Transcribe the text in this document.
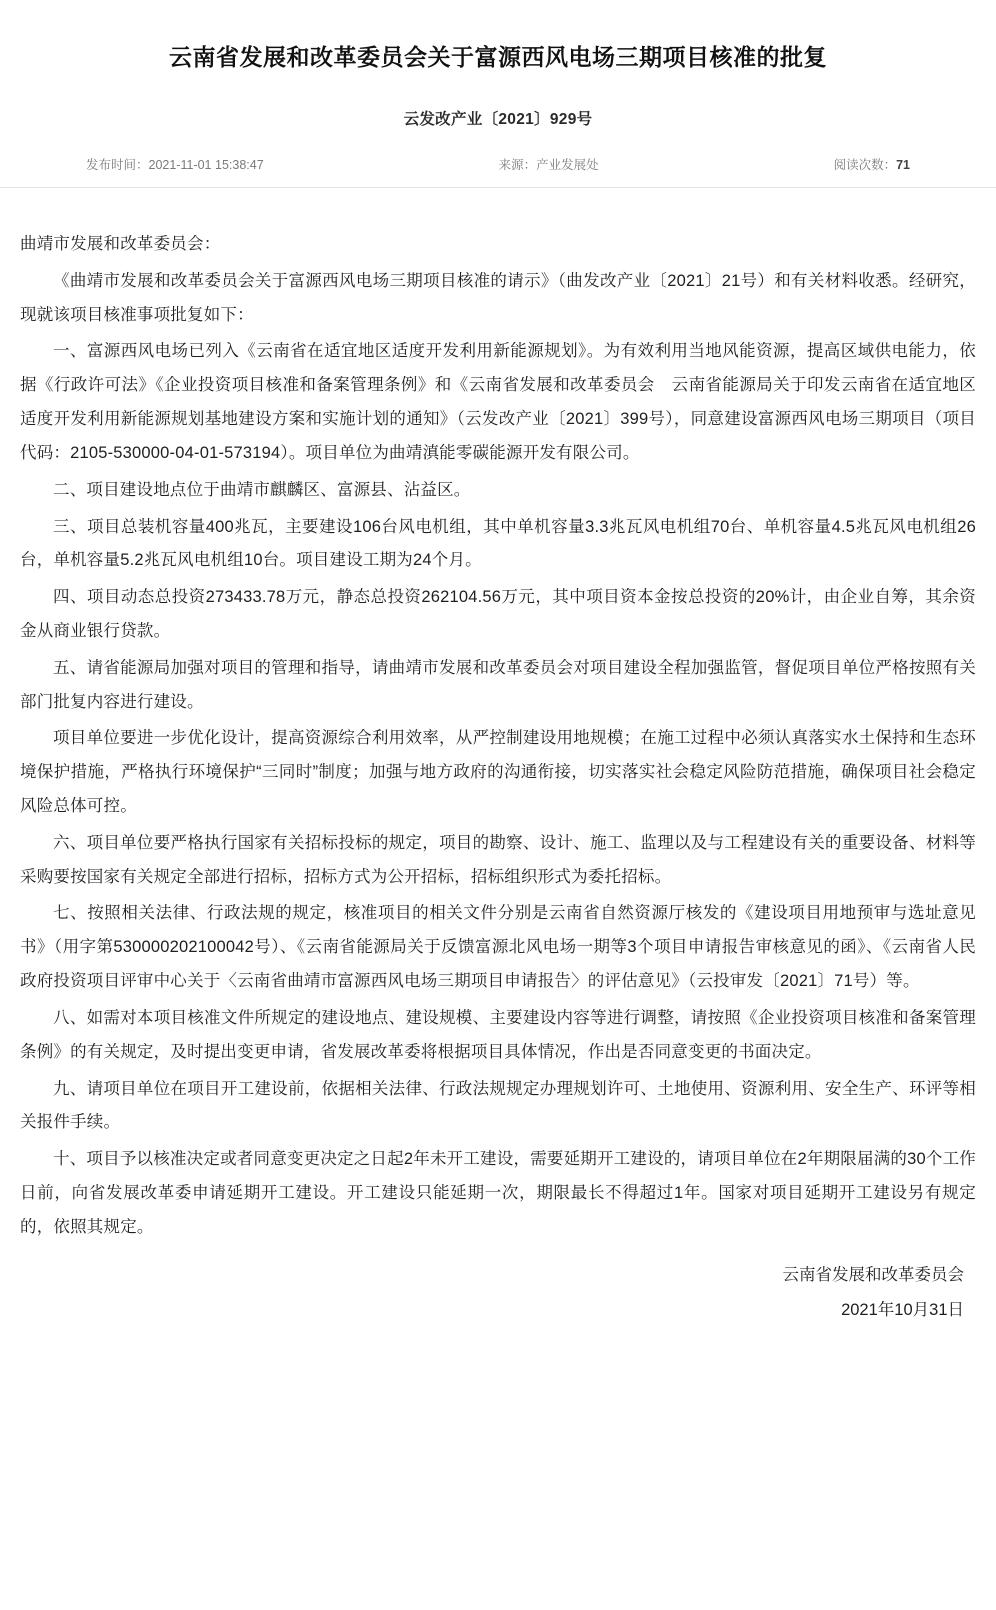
云南省发展和改革委员会关于富源西风电场三期项目核准的批复
云发改产业〔2021〕929号
发布时间：2021-11-01 15:38:47	来源：产业发展处	阅读次数：71

曲靖市发展和改革委员会：

《曲靖市发展和改革委员会关于富源西风电场三期项目核准的请示》（曲发改产业〔2021〕21号）和有关材料收悉。经研究，现就该项目核准事项批复如下：

一、富源西风电场已列入《云南省在适宜地区适度开发利用新能源规划》。为有效利用当地风能资源，提高区域供电能力，依据《行政许可法》《企业投资项目核准和备案管理条例》和《云南省发展和改革委员会　云南省能源局关于印发云南省在适宜地区适度开发利用新能源规划基地建设方案和实施计划的通知》（云发改产业〔2021〕399号），同意建设富源西风电场三期项目（项目代码：2105-530000-04-01-573194）。项目单位为曲靖滇能零碳能源开发有限公司。

二、项目建设地点位于曲靖市麒麟区、富源县、沾益区。

三、项目总装机容量400兆瓦，主要建设106台风电机组，其中单机容量3.3兆瓦风电机组70台、单机容量4.5兆瓦风电机组26台，单机容量5.2兆瓦风电机组10台。项目建设工期为24个月。

四、项目动态总投资273433.78万元，静态总投资262104.56万元，其中项目资本金按总投资的20%计，由企业自筹，其余资金从商业银行贷款。

五、请省能源局加强对项目的管理和指导，请曲靖市发展和改革委员会对项目建设全程加强监管，督促项目单位严格按照有关部门批复内容进行建设。

项目单位要进一步优化设计，提高资源综合利用效率，从严控制建设用地规模；在施工过程中必须认真落实水土保持和生态环境保护措施，严格执行环境保护“三同时”制度；加强与地方政府的沟通衔接，切实落实社会稳定风险防范措施，确保项目社会稳定风险总体可控。

六、项目单位要严格执行国家有关招标投标的规定，项目的勘察、设计、施工、监理以及与工程建设有关的重要设备、材料等采购要按国家有关规定全部进行招标，招标方式为公开招标，招标组织形式为委托招标。

七、按照相关法律、行政法规的规定，核准项目的相关文件分别是云南省自然资源厅核发的《建设项目用地预审与选址意见书》（用字第530000202100042号）、《云南省能源局关于反馈富源北风电场一期等3个项目申请报告审核意见的函》、《云南省人民政府投资项目评审中心关于〈云南省曲靖市富源西风电场三期项目申请报告〉的评估意见》（云投审发〔2021〕71号）等。

八、如需对本项目核准文件所规定的建设地点、建设规模、主要建设内容等进行调整，请按照《企业投资项目核准和备案管理条例》的有关规定，及时提出变更申请，省发展改革委将根据项目具体情况，作出是否同意变更的书面决定。

九、请项目单位在项目开工建设前，依据相关法律、行政法规规定办理规划许可、土地使用、资源利用、安全生产、环评等相关报件手续。

十、项目予以核准决定或者同意变更决定之日起2年未开工建设，需要延期开工建设的，请项目单位在2年期限届满的30个工作日前，向省发展改革委申请延期开工建设。开工建设只能延期一次，期限最长不得超过1年。国家对项目延期开工建设另有规定的，依照其规定。

云南省发展和改革委员会
2021年10月31日
